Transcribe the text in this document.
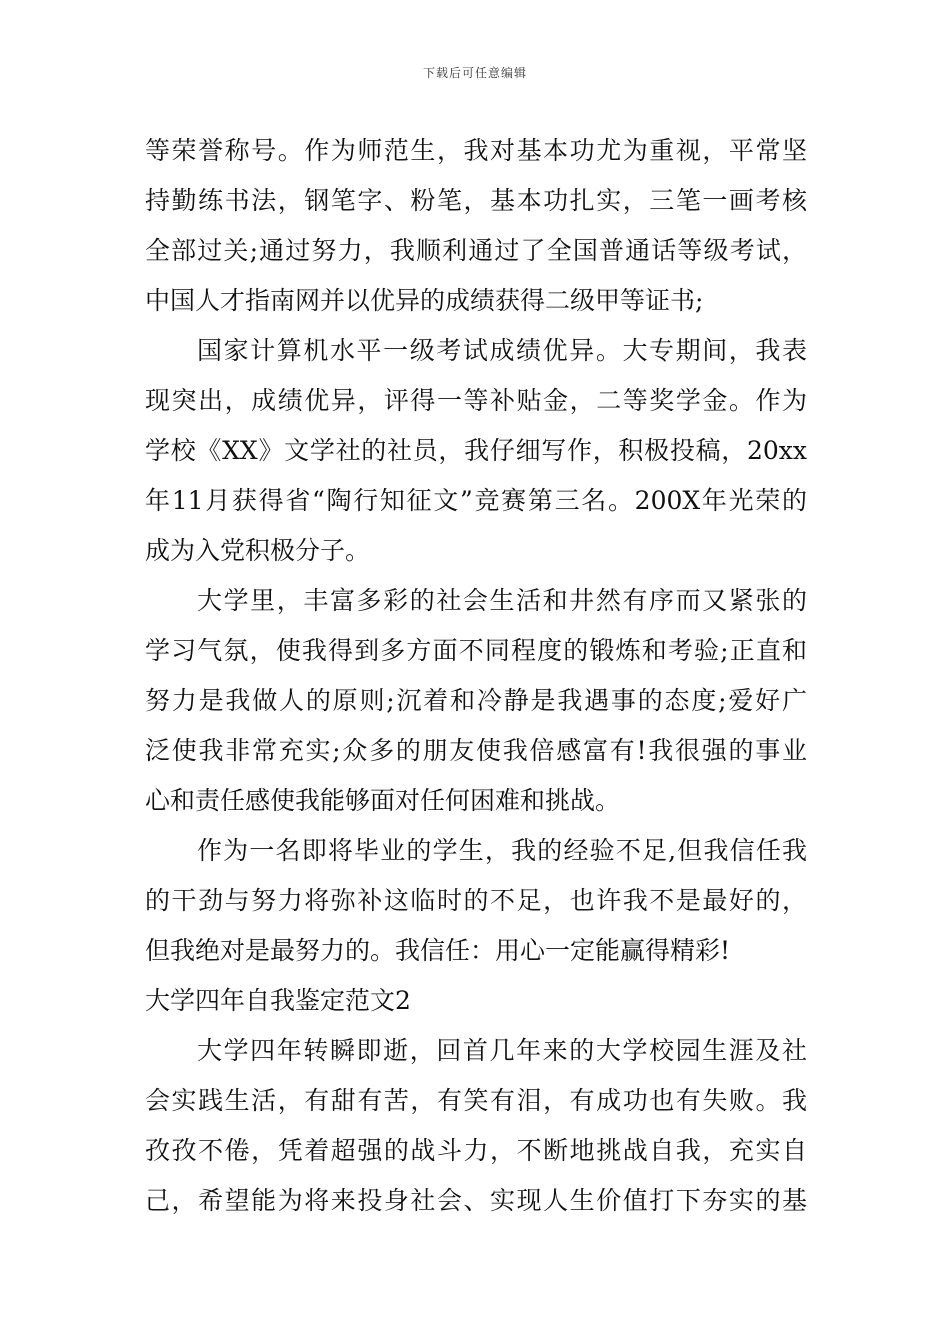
下载后可任意编辑
等荣誉称号。作为师范生，我对基本功尤为重视，平常坚
持勤练书法，钢笔字、粉笔，基本功扎实，三笔一画考核
全部过关;通过努力，我顺利通过了全国普通话等级考试，
中国人才指南网并以优异的成绩获得二级甲等证书;
国家计算机水平一级考试成绩优异。大专期间，我表
现突出，成绩优异，评得一等补贴金，二等奖学金。作为
学校《XX》文学社的社员，我仔细写作，积极投稿，20xx
年11月获得省“陶行知征文”竞赛第三名。200X年光荣的
成为入党积极分子。
大学里，丰富多彩的社会生活和井然有序而又紧张的
学习气氛，使我得到多方面不同程度的锻炼和考验;正直和
努力是我做人的原则;沉着和冷静是我遇事的态度;爱好广
泛使我非常充实;众多的朋友使我倍感富有!我很强的事业
心和责任感使我能够面对任何困难和挑战。
作为一名即将毕业的学生，我的经验不足,但我信任我
的干劲与努力将弥补这临时的不足，也许我不是最好的，
但我绝对是最努力的。我信任：用心一定能赢得精彩!
大学四年自我鉴定范文2
大学四年转瞬即逝，回首几年来的大学校园生涯及社
会实践生活，有甜有苦，有笑有泪，有成功也有失败。我
孜孜不倦，凭着超强的战斗力，不断地挑战自我，充实自
己，希望能为将来投身社会、实现人生价值打下夯实的基
